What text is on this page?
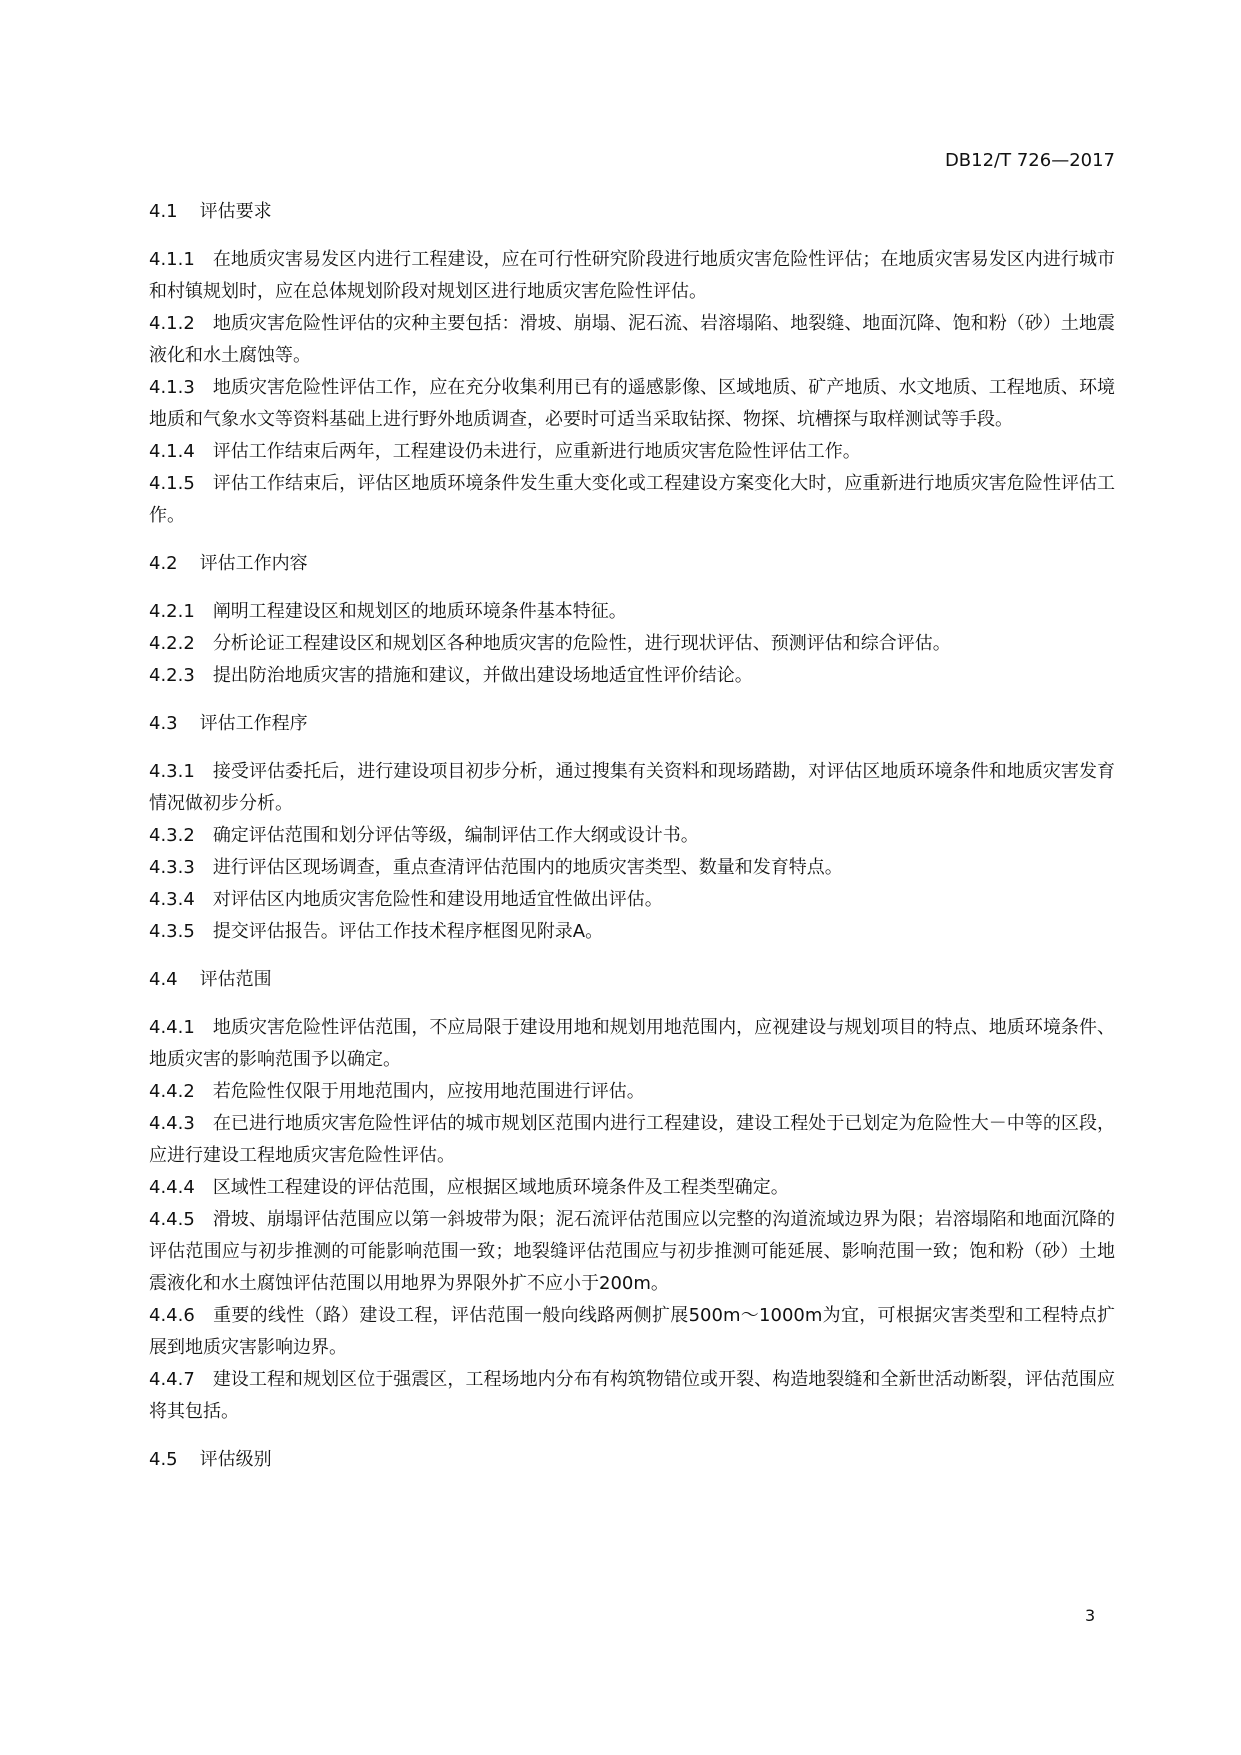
DB12/T 726—2017

4.1 评估要求

4.1.1 在地质灾害易发区内进行工程建设，应在可行性研究阶段进行地质灾害危险性评估；在地质灾害易发区内进行城市和村镇规划时，应在总体规划阶段对规划区进行地质灾害危险性评估。

4.1.2 地质灾害危险性评估的灾种主要包括：滑坡、崩塌、泥石流、岩溶塌陷、地裂缝、地面沉降、饱和粉（砂）土地震液化和水土腐蚀等。

4.1.3 地质灾害危险性评估工作，应在充分收集利用已有的遥感影像、区域地质、矿产地质、水文地质、工程地质、环境地质和气象水文等资料基础上进行野外地质调查，必要时可适当采取钻探、物探、坑槽探与取样测试等手段。

4.1.4 评估工作结束后两年，工程建设仍未进行，应重新进行地质灾害危险性评估工作。

4.1.5 评估工作结束后，评估区地质环境条件发生重大变化或工程建设方案变化大时，应重新进行地质灾害危险性评估工作。

4.2 评估工作内容

4.2.1 阐明工程建设区和规划区的地质环境条件基本特征。

4.2.2 分析论证工程建设区和规划区各种地质灾害的危险性，进行现状评估、预测评估和综合评估。

4.2.3 提出防治地质灾害的措施和建议，并做出建设场地适宜性评价结论。

4.3 评估工作程序

4.3.1 接受评估委托后，进行建设项目初步分析，通过搜集有关资料和现场踏勘，对评估区地质环境条件和地质灾害发育情况做初步分析。

4.3.2 确定评估范围和划分评估等级，编制评估工作大纲或设计书。

4.3.3 进行评估区现场调查，重点查清评估范围内的地质灾害类型、数量和发育特点。

4.3.4 对评估区内地质灾害危险性和建设用地适宜性做出评估。

4.3.5 提交评估报告。评估工作技术程序框图见附录A。

4.4 评估范围

4.4.1 地质灾害危险性评估范围，不应局限于建设用地和规划用地范围内，应视建设与规划项目的特点、地质环境条件、地质灾害的影响范围予以确定。

4.4.2 若危险性仅限于用地范围内，应按用地范围进行评估。

4.4.3 在已进行地质灾害危险性评估的城市规划区范围内进行工程建设，建设工程处于已划定为危险性大－中等的区段，应进行建设工程地质灾害危险性评估。

4.4.4 区域性工程建设的评估范围，应根据区域地质环境条件及工程类型确定。

4.4.5 滑坡、崩塌评估范围应以第一斜坡带为限；泥石流评估范围应以完整的沟道流域边界为限；岩溶塌陷和地面沉降的评估范围应与初步推测的可能影响范围一致；地裂缝评估范围应与初步推测可能延展、影响范围一致；饱和粉（砂）土地震液化和水土腐蚀评估范围以用地界为界限外扩不应小于200m。

4.4.6 重要的线性（路）建设工程，评估范围一般向线路两侧扩展500m～1000m为宜，可根据灾害类型和工程特点扩展到地质灾害影响边界。

4.4.7 建设工程和规划区位于强震区，工程场地内分布有构筑物错位或开裂、构造地裂缝和全新世活动断裂，评估范围应将其包括。

4.5 评估级别

3
